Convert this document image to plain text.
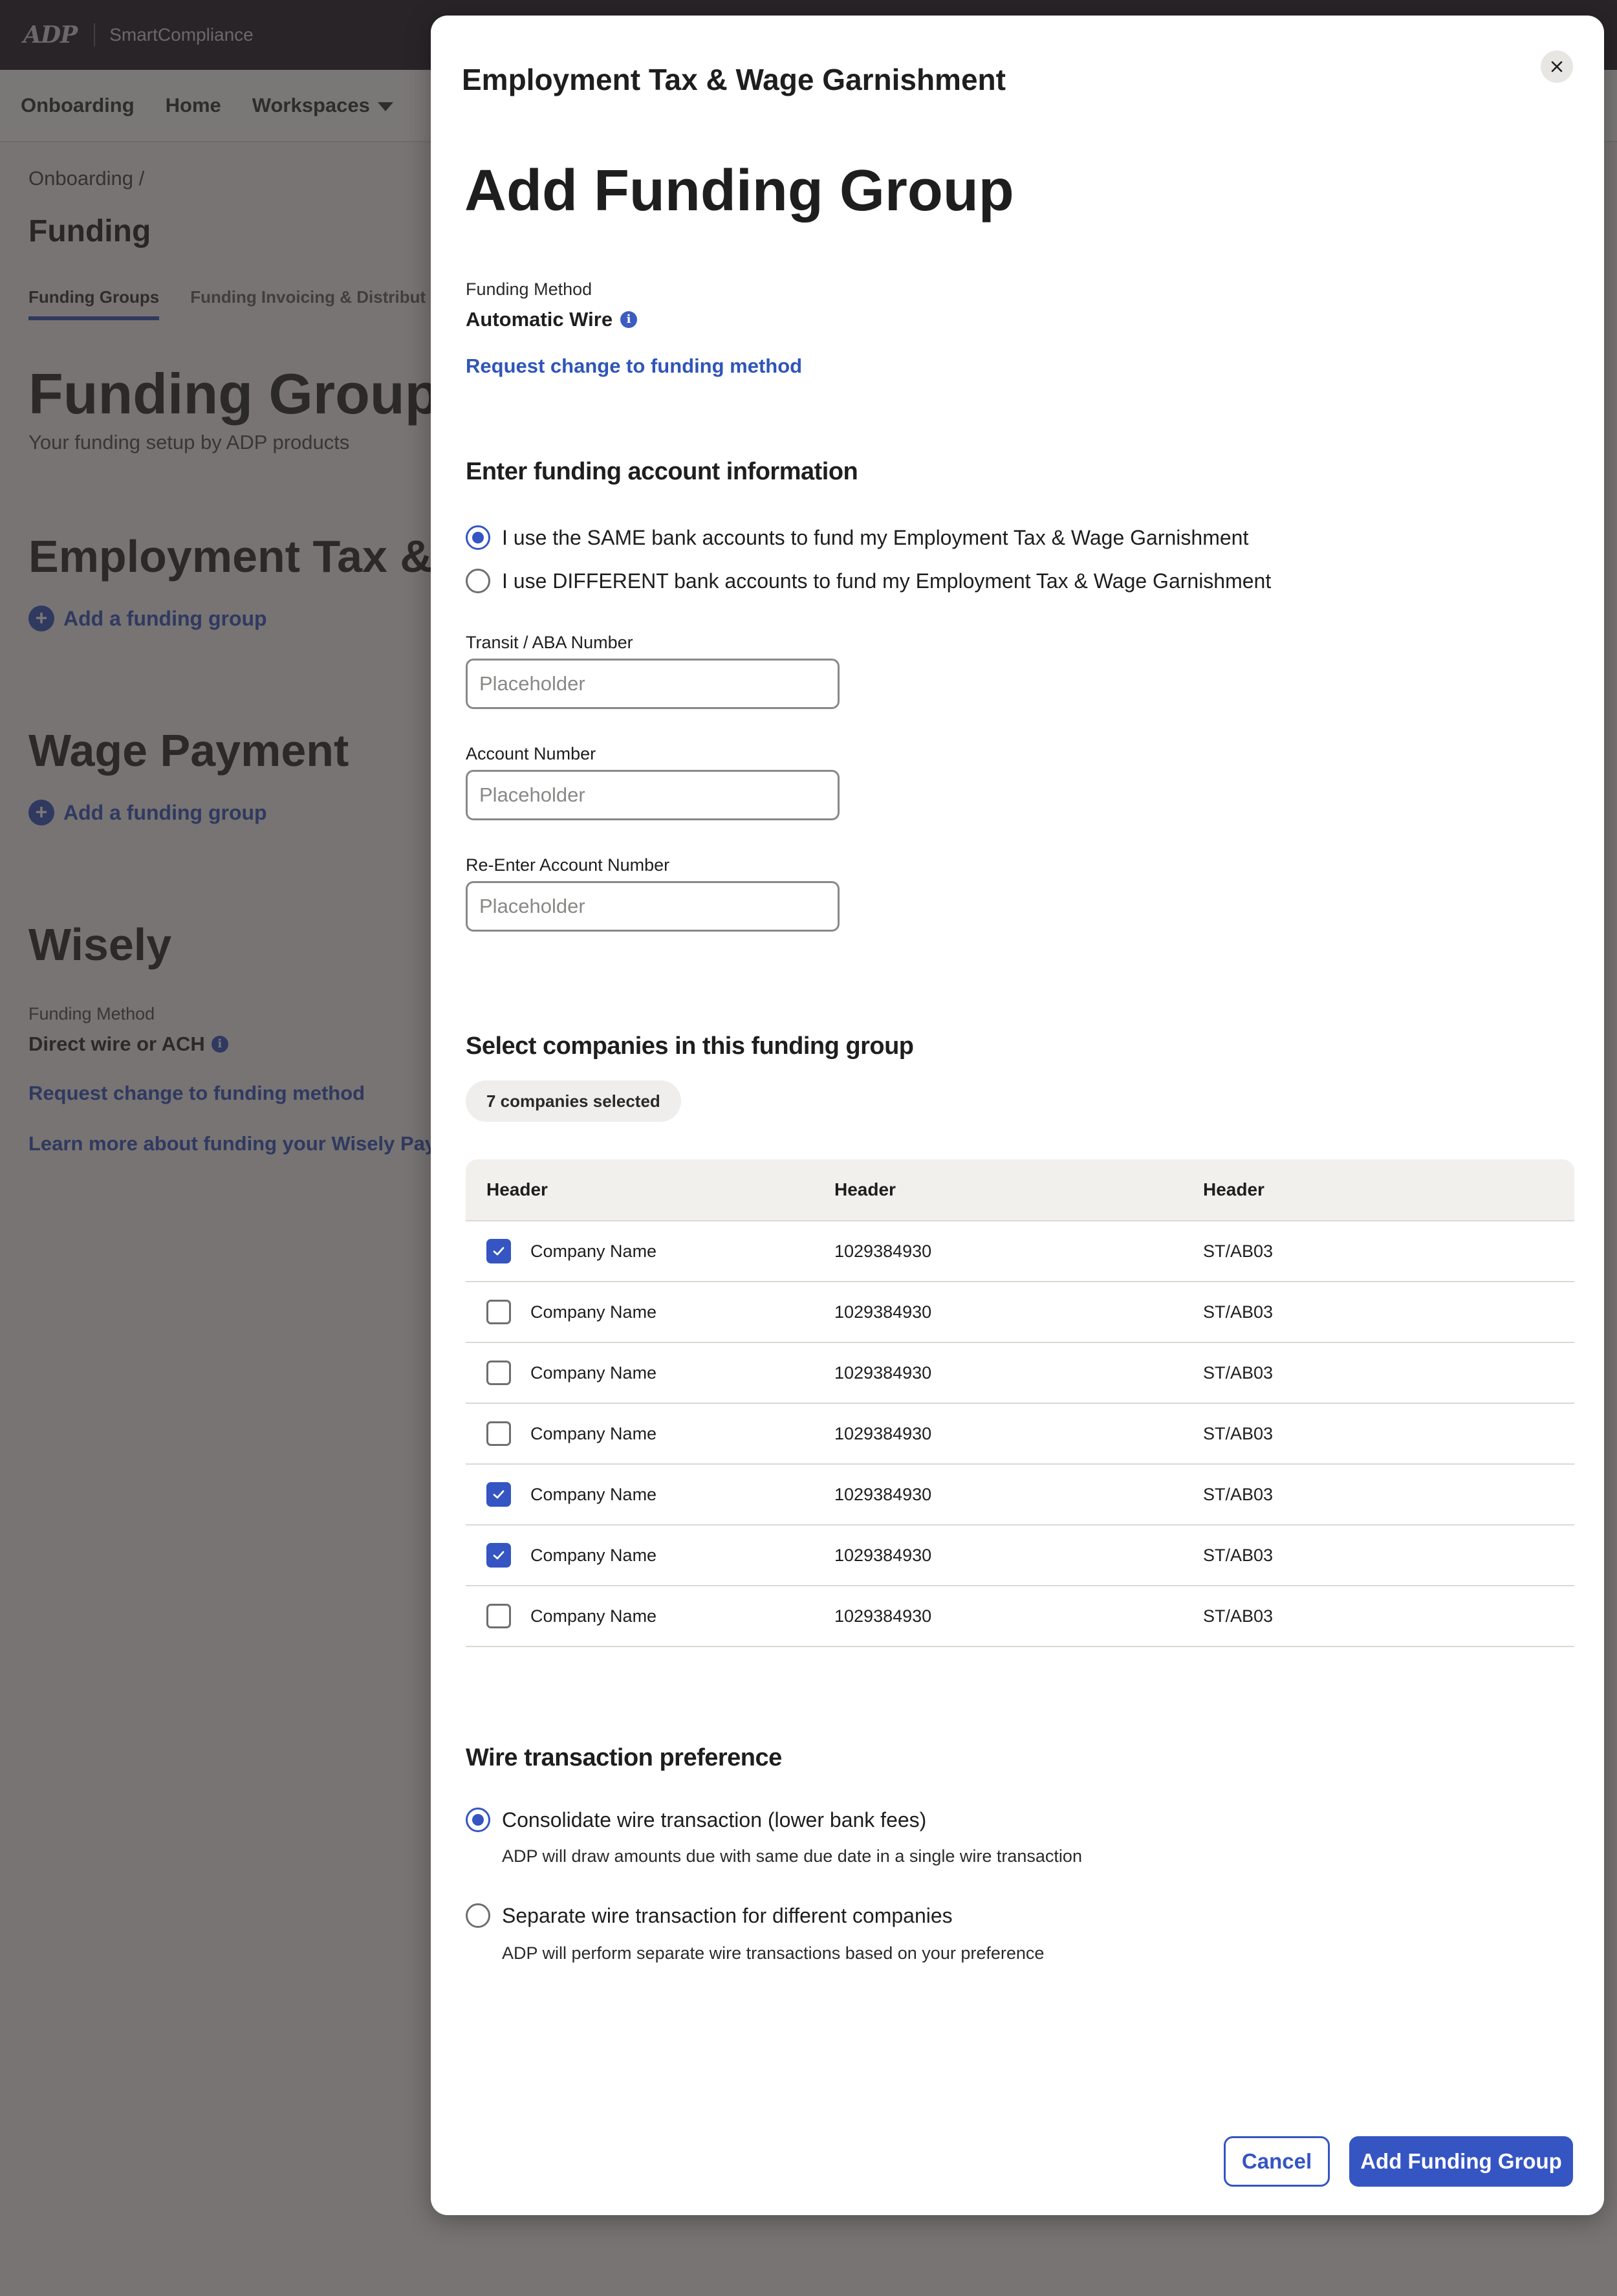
Employment Tax & Wage Garnishment
Add Funding Group
Funding Method
Automatic Wire	i
Request change to funding method
Enter funding account information
I use the SAME bank accounts to fund my Employment Tax & Wage Garnishment
I use DIFFERENT bank accounts to fund my Employment Tax & Wage Garnishment
Transit / ABA Number
Placeholder
Account Number
Placeholder
Re-Enter Account Number
Placeholder
Select companies in this funding group
7 companies selected
Header	Header	Header
Company Name	1029384930	ST/AB03
Company Name	1029384930	ST/AB03
Company Name	1029384930	ST/AB03
Company Name	1029384930	ST/AB03
Company Name	1029384930	ST/AB03
Company Name	1029384930	ST/AB03
Company Name	1029384930	ST/AB03
Wire transaction preference
Consolidate wire transaction (lower bank fees)
ADP will draw amounts due with same due date in a single wire transaction
Separate wire transaction for different companies
ADP will perform separate wire transactions based on your preference
Cancel	Add Funding Group
